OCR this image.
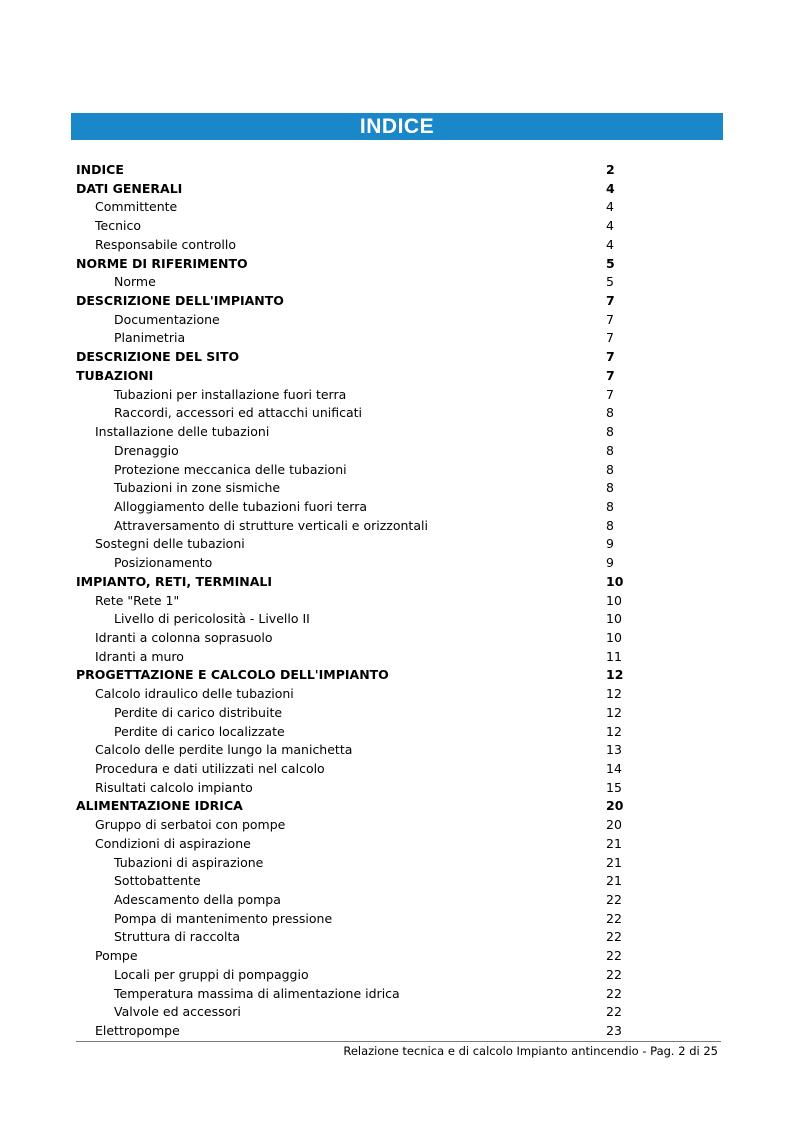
INDICE
INDICE	2
DATI GENERALI	4
Committente	4
Tecnico	4
Responsabile controllo	4
NORME DI RIFERIMENTO	5
Norme	5
DESCRIZIONE DELL'IMPIANTO	7
Documentazione	7
Planimetria	7
DESCRIZIONE DEL SITO	7
TUBAZIONI	7
Tubazioni per installazione fuori terra	7
Raccordi, accessori ed attacchi unificati	8
Installazione delle tubazioni	8
Drenaggio	8
Protezione meccanica delle tubazioni	8
Tubazioni in zone sismiche	8
Alloggiamento delle tubazioni fuori terra	8
Attraversamento di strutture verticali e orizzontali	8
Sostegni delle tubazioni	9
Posizionamento	9
IMPIANTO, RETI, TERMINALI	10
Rete "Rete 1"	10
Livello di pericolosità - Livello II	10
Idranti a colonna soprasuolo	10
Idranti a muro	11
PROGETTAZIONE E CALCOLO DELL'IMPIANTO	12
Calcolo idraulico delle tubazioni	12
Perdite di carico distribuite	12
Perdite di carico localizzate	12
Calcolo delle perdite lungo la manichetta	13
Procedura e dati utilizzati nel calcolo	14
Risultati calcolo impianto	15
ALIMENTAZIONE IDRICA	20
Gruppo di serbatoi con pompe	20
Condizioni di aspirazione	21
Tubazioni di aspirazione	21
Sottobattente	21
Adescamento della pompa	22
Pompa di mantenimento pressione	22
Struttura di raccolta	22
Pompe	22
Locali per gruppi di pompaggio	22
Temperatura massima di alimentazione idrica	22
Valvole ed accessori	22
Elettropompe	23
Relazione tecnica e di calcolo Impianto antincendio - Pag. 2 di 25
